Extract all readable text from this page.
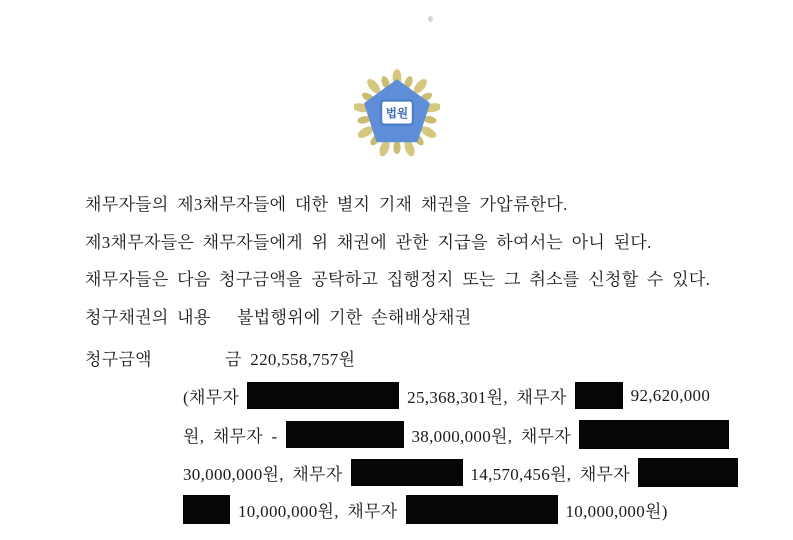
법원
채무자들의 제3채무자들에 대한 별지 기재 채권을 가압류한다.
제3채무자들은 채무자들에게 위 채권에 관한 지급을 하여서는 아니 된다.
채무자들은 다음 청구금액을 공탁하고 집행정지 또는 그 취소를 신청할 수 있다.
청구채권의 내용 불법행위에 기한 손해배상채권
청구금액	금 220,558,757원
(채무자	25,368,301원, 채무자	92,620,000
원, 채무자 -	38,000,000원, 채무자
30,000,000원, 채무자	14,570,456원, 채무자
10,000,000원, 채무자	10,000,000원)
